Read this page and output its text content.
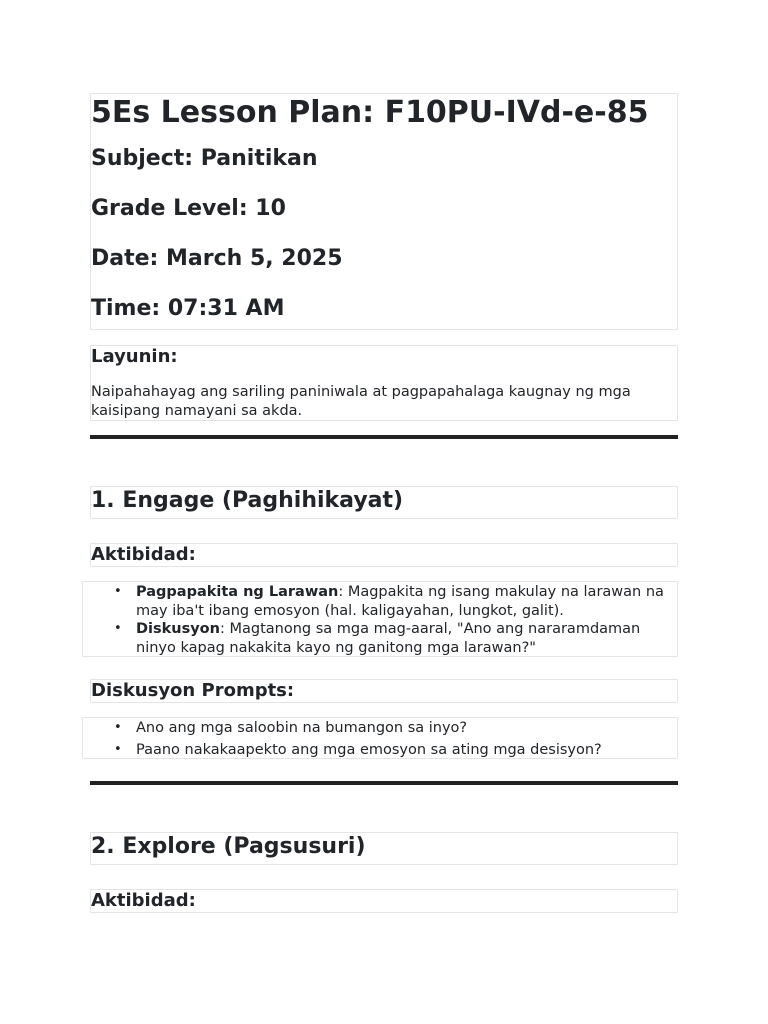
5Es Lesson Plan: F10PU-IVd-e-85
Subject: Panitikan
Grade Level: 10
Date: March 5, 2025
Time: 07:31 AM
Layunin:

Naipahahayag ang sariling paniniwala at pagpapahalaga kaugnay ng mga kaisipang namayani sa akda.

1. Engage (Paghihikayat)
Aktibidad:
• Pagpapakita ng Larawan: Magpakita ng isang makulay na larawan na may iba't ibang emosyon (hal. kaligayahan, lungkot, galit).
• Diskusyon: Magtanong sa mga mag-aaral, "Ano ang nararamdaman ninyo kapag nakakita kayo ng ganitong mga larawan?"
Diskusyon Prompts:
• Ano ang mga saloobin na bumangon sa inyo?
• Paano nakakaapekto ang mga emosyon sa ating mga desisyon?
2. Explore (Pagsusuri)
Aktibidad:
